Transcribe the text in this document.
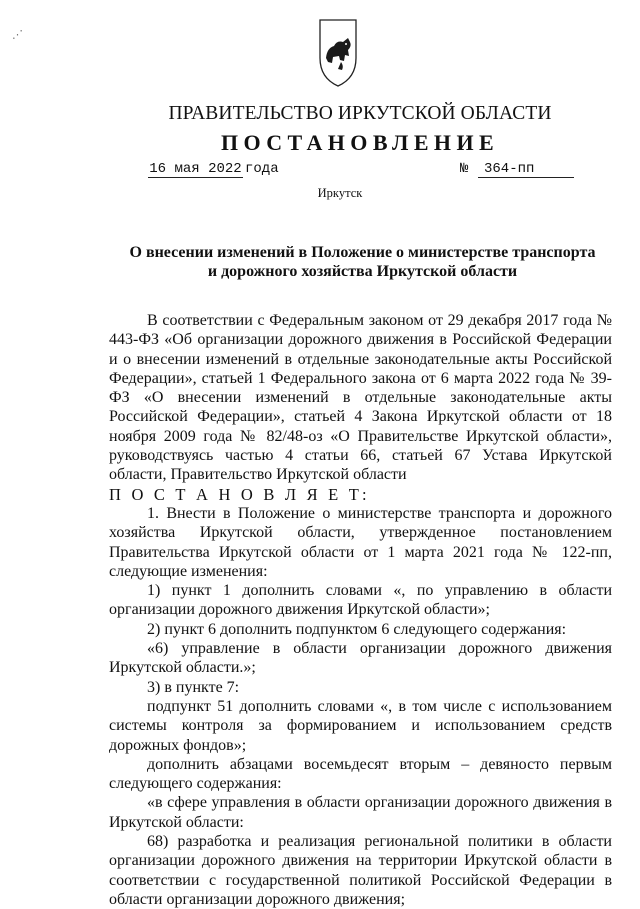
⋰
ПРАВИТЕЛЬСТВО ИРКУТСКОЙ ОБЛАСТИ
ПОСТАНОВЛЕНИЕ
16 мая 2022 года	№	364-пп
Иркутск
О внесении изменений в Положение о министерстве транспорта и дорожного хозяйства Иркутской области

В соответствии с Федеральным законом от 29 декабря 2017 года № 443-ФЗ «Об организации дорожного движения в Российской Федерации и о внесении изменений в отдельные законодательные акты Российской Федерации», статьей 1 Федерального закона от 6 марта 2022 года № 39-ФЗ «О внесении изменений в отдельные законодательные акты Российской Федерации», статьей 4 Закона Иркутской области от 18 ноября 2009 года № 82/48-оз «О Правительстве Иркутской области», руководствуясь частью 4 статьи 66, статьей 67 Устава Иркутской области, Правительство Иркутской области

П О С Т А Н О В Л Я Е Т:

1. Внести в Положение о министерстве транспорта и дорожного хозяйства Иркутской области, утвержденное постановлением Правительства Иркутской области от 1 марта 2021 года № 122-пп, следующие изменения:

1) пункт 1 дополнить словами «, по управлению в области организации дорожного движения Иркутской области»;

2) пункт 6 дополнить подпунктом 6 следующего содержания:

«6) управление в области организации дорожного движения Иркутской области.»;

3) в пункте 7:

подпункт 51 дополнить словами «, в том числе с использованием системы контроля за формированием и использованием средств дорожных фондов»;

дополнить абзацами восемьдесят вторым – девяносто первым следующего содержания:

«в сфере управления в области организации дорожного движения в Иркутской области:

68) разработка и реализация региональной политики в области организации дорожного движения на территории Иркутской области в соответствии с государственной политикой Российской Федерации в области организации дорожного движения;
